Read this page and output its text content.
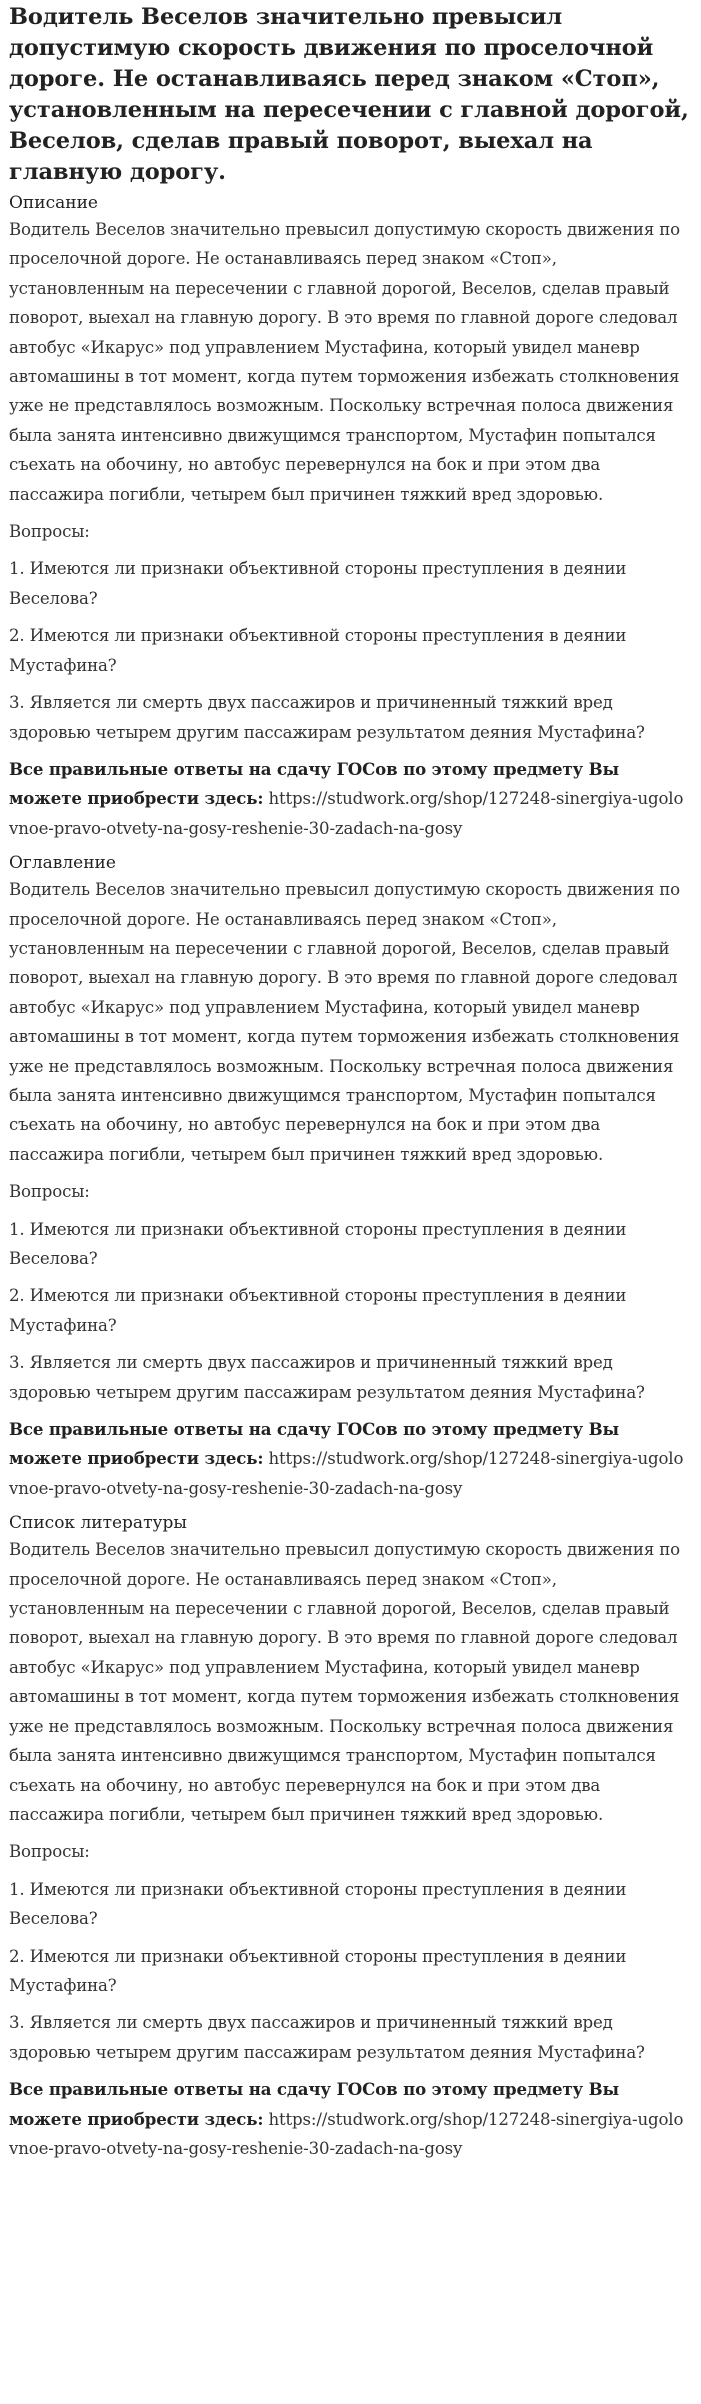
Водитель Веселов значительно превысил допустимую скорость движения по проселочной дороге. Не останавливаясь перед знаком «Стоп», установленным на пересечении с главной дорогой, Веселов, сделав правый поворот, выехал на главную дорогу.

Описание

Водитель Веселов значительно превысил допустимую скорость движения по проселочной дороге. Не останавливаясь перед знаком «Стоп», установленным на пересечении с главной дорогой, Веселов, сделав правый поворот, выехал на главную дорогу. В это время по главной дороге следовал автобус «Икарус» под управлением Мустафина, который увидел маневр автомашины в тот момент, когда путем торможения избежать столкновения уже не представлялось возможным. Поскольку встречная полоса движения была занята интенсивно движущимся транспортом, Мустафин попытался съехать на обочину, но автобус перевернулся на бок и при этом два пассажира погибли, четырем был причинен тяжкий вред здоровью.

Вопросы:

1. Имеются ли признаки объективной стороны преступления в деянии Веселова?

2. Имеются ли признаки объективной стороны преступления в деянии Мустафина?

3. Является ли смерть двух пассажиров и причиненный тяжкий вред здоровью четырем другим пассажирам результатом деяния Мустафина?

Все правильные ответы на сдачу ГОСов по этому предмету Вы можете приобрести здесь: https://studwork.org/shop/127248-sinergiya-ugolovnoe-pravo-otvety-na-gosy-reshenie-30-zadach-na-gosy

Оглавление

Водитель Веселов значительно превысил допустимую скорость движения по проселочной дороге. Не останавливаясь перед знаком «Стоп», установленным на пересечении с главной дорогой, Веселов, сделав правый поворот, выехал на главную дорогу. В это время по главной дороге следовал автобус «Икарус» под управлением Мустафина, который увидел маневр автомашины в тот момент, когда путем торможения избежать столкновения уже не представлялось возможным. Поскольку встречная полоса движения была занята интенсивно движущимся транспортом, Мустафин попытался съехать на обочину, но автобус перевернулся на бок и при этом два пассажира погибли, четырем был причинен тяжкий вред здоровью.

Вопросы:

1. Имеются ли признаки объективной стороны преступления в деянии Веселова?

2. Имеются ли признаки объективной стороны преступления в деянии Мустафина?

3. Является ли смерть двух пассажиров и причиненный тяжкий вред здоровью четырем другим пассажирам результатом деяния Мустафина?

Все правильные ответы на сдачу ГОСов по этому предмету Вы можете приобрести здесь: https://studwork.org/shop/127248-sinergiya-ugolovnoe-pravo-otvety-na-gosy-reshenie-30-zadach-na-gosy

Список литературы

Водитель Веселов значительно превысил допустимую скорость движения по проселочной дороге. Не останавливаясь перед знаком «Стоп», установленным на пересечении с главной дорогой, Веселов, сделав правый поворот, выехал на главную дорогу. В это время по главной дороге следовал автобус «Икарус» под управлением Мустафина, который увидел маневр автомашины в тот момент, когда путем торможения избежать столкновения уже не представлялось возможным. Поскольку встречная полоса движения была занята интенсивно движущимся транспортом, Мустафин попытался съехать на обочину, но автобус перевернулся на бок и при этом два пассажира погибли, четырем был причинен тяжкий вред здоровью.

Вопросы:

1. Имеются ли признаки объективной стороны преступления в деянии Веселова?

2. Имеются ли признаки объективной стороны преступления в деянии Мустафина?

3. Является ли смерть двух пассажиров и причиненный тяжкий вред здоровью четырем другим пассажирам результатом деяния Мустафина?

Все правильные ответы на сдачу ГОСов по этому предмету Вы можете приобрести здесь: https://studwork.org/shop/127248-sinergiya-ugolovnoe-pravo-otvety-na-gosy-reshenie-30-zadach-na-gosy
